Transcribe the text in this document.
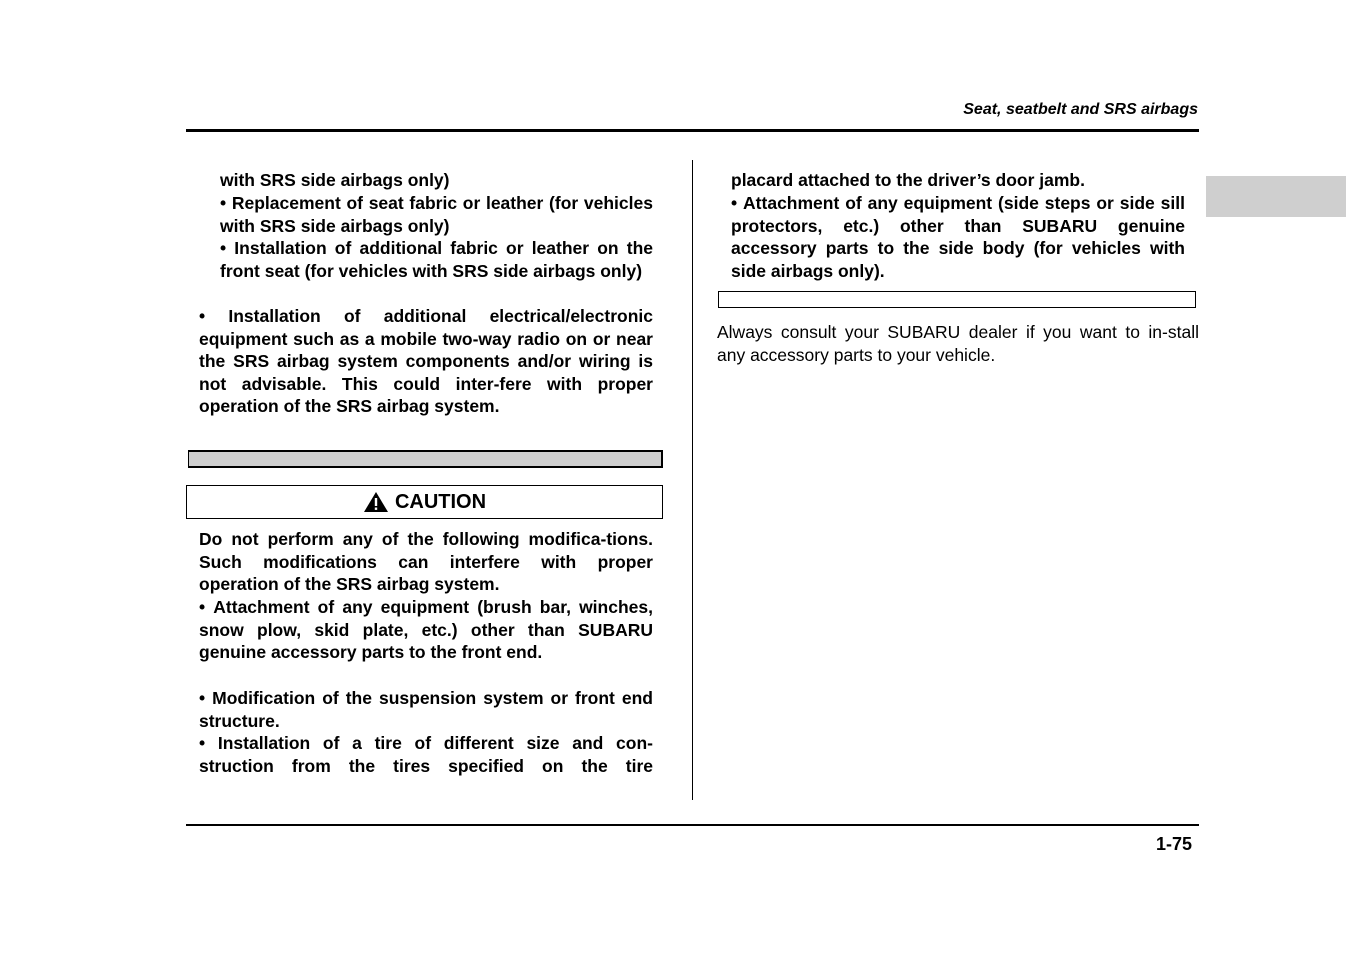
Seat, seatbelt and SRS airbags

with SRS side airbags only)

• Replacement of seat fabric or leather (for vehicles with SRS side airbags only)

• Installation of additional fabric or leather on the front seat (for vehicles with SRS side airbags only)

• Installation of additional electrical/electronic equipment such as a mobile two-way radio on or near the SRS airbag system components and/or wiring is not advisable. This could inter-fere with proper operation of the SRS airbag system.

CAUTION

Do not perform any of the following modifica-tions. Such modifications can interfere with proper operation of the SRS airbag system.

• Attachment of any equipment (brush bar, winches, snow plow, skid plate, etc.) other than SUBARU genuine accessory parts to the front end.

• Modification of the suspension system or front end structure.

• Installation of a tire of different size and con-struction from the tires specified on the tire

placard attached to the driver’s door jamb.

• Attachment of any equipment (side steps or side sill protectors, etc.) other than SUBARU genuine accessory parts to the side body (for vehicles with side airbags only).

Always consult your SUBARU dealer if you want to in-stall any accessory parts to your vehicle.

1-75
